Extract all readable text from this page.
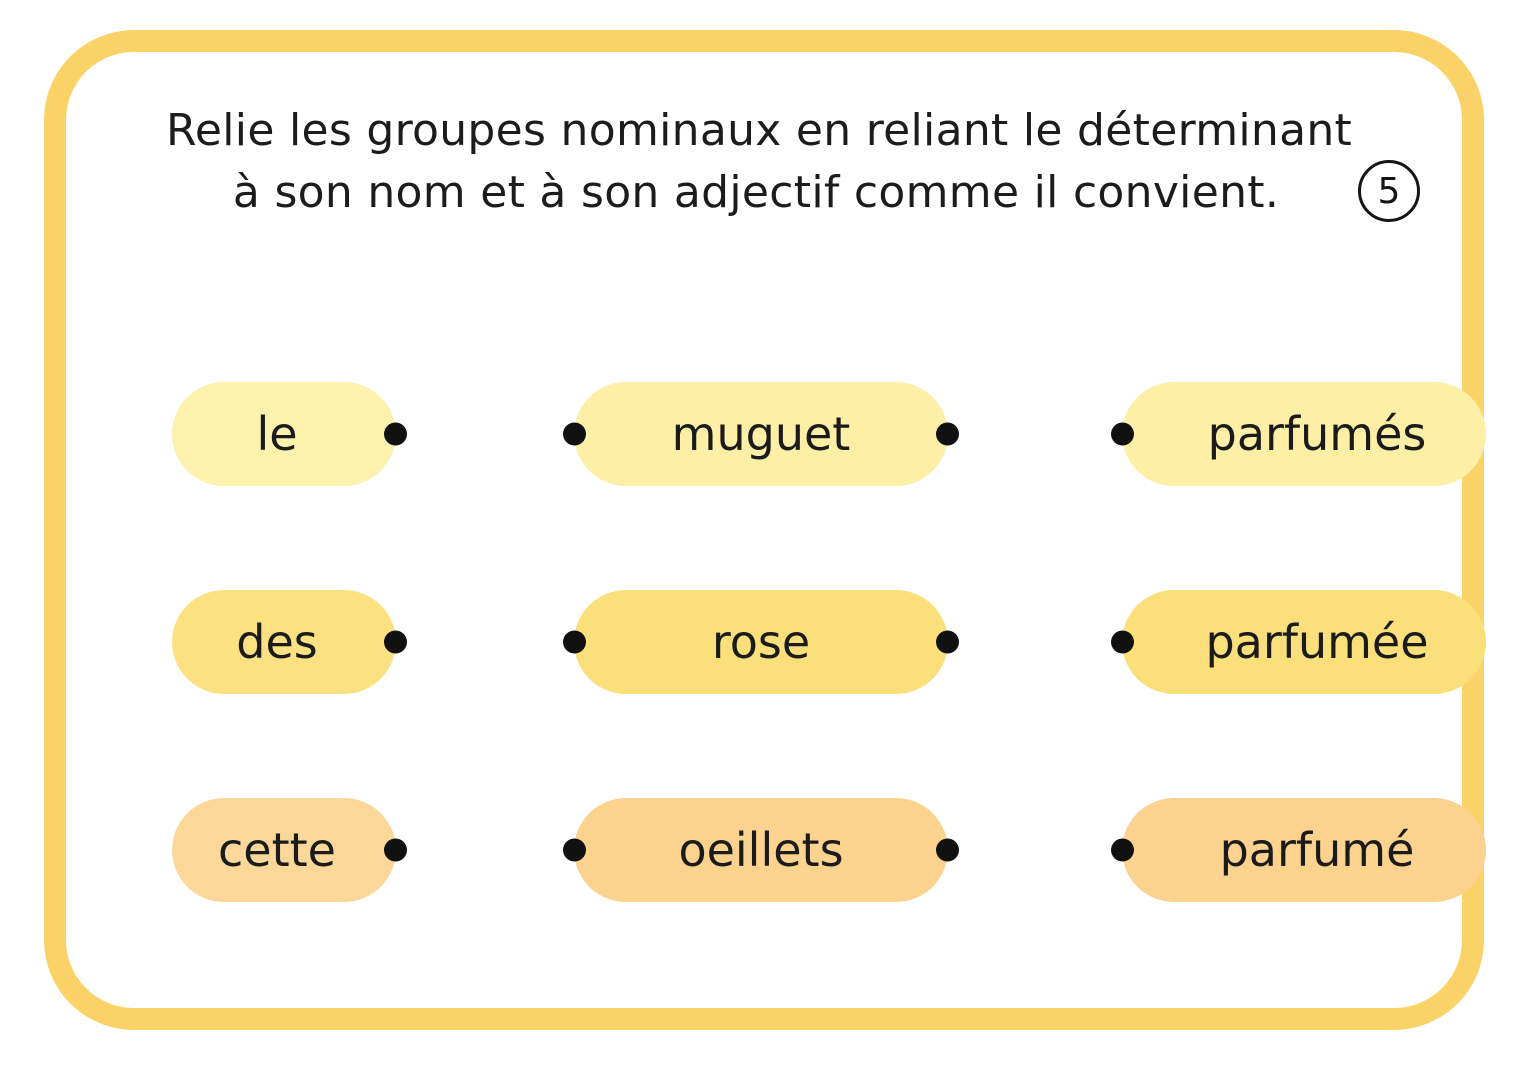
Relie les groupes nominaux en reliant le déterminant
à son nom et à son adjectif comme il convient.	5
le	muguet	parfumés
des	rose	parfumée
cette	oeillets	parfumé
